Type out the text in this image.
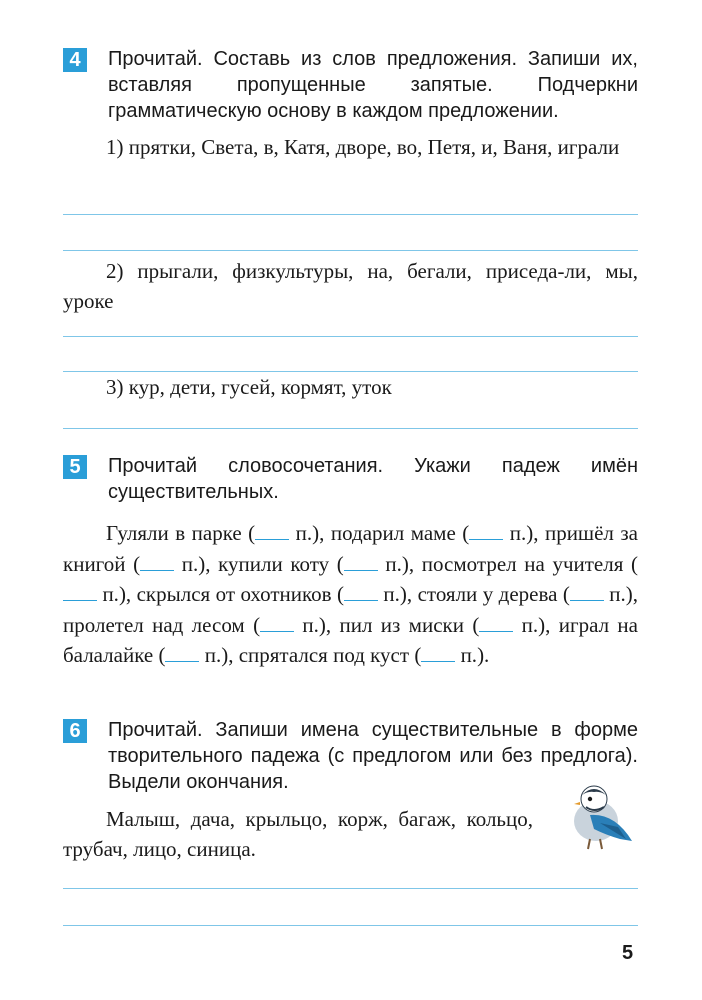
4	Прочитай. Составь из слов предложения. Запиши их, вставляя пропущенные запятые. Подчеркни грамматическую основу в каждом предложении.
1) прятки, Света, в, Катя, дворе, во, Петя, и, Ваня, играли
2) прыгали, физкультуры, на, бегали, приседа-ли, мы, уроке
3) кур, дети, гусей, кормят, уток
5	Прочитай словосочетания. Укажи падеж имён существительных.
Гуляли в парке ( п.), подарил маме ( п.), пришёл за книгой ( п.), купили коту ( п.), посмотрел на учителя ( п.), скрылся от охотников ( п.), стояли у дерева ( п.), пролетел над лесом ( п.), пил из миски ( п.), играл на балалайке ( п.), спрятался под куст ( п.).
6	Прочитай. Запиши имена существительные в форме творительного падежа (с предлогом или без предлога). Выдели окончания.
Малыш, дача, крыльцо, корж, багаж, кольцо, трубач, лицо, синица.
5
